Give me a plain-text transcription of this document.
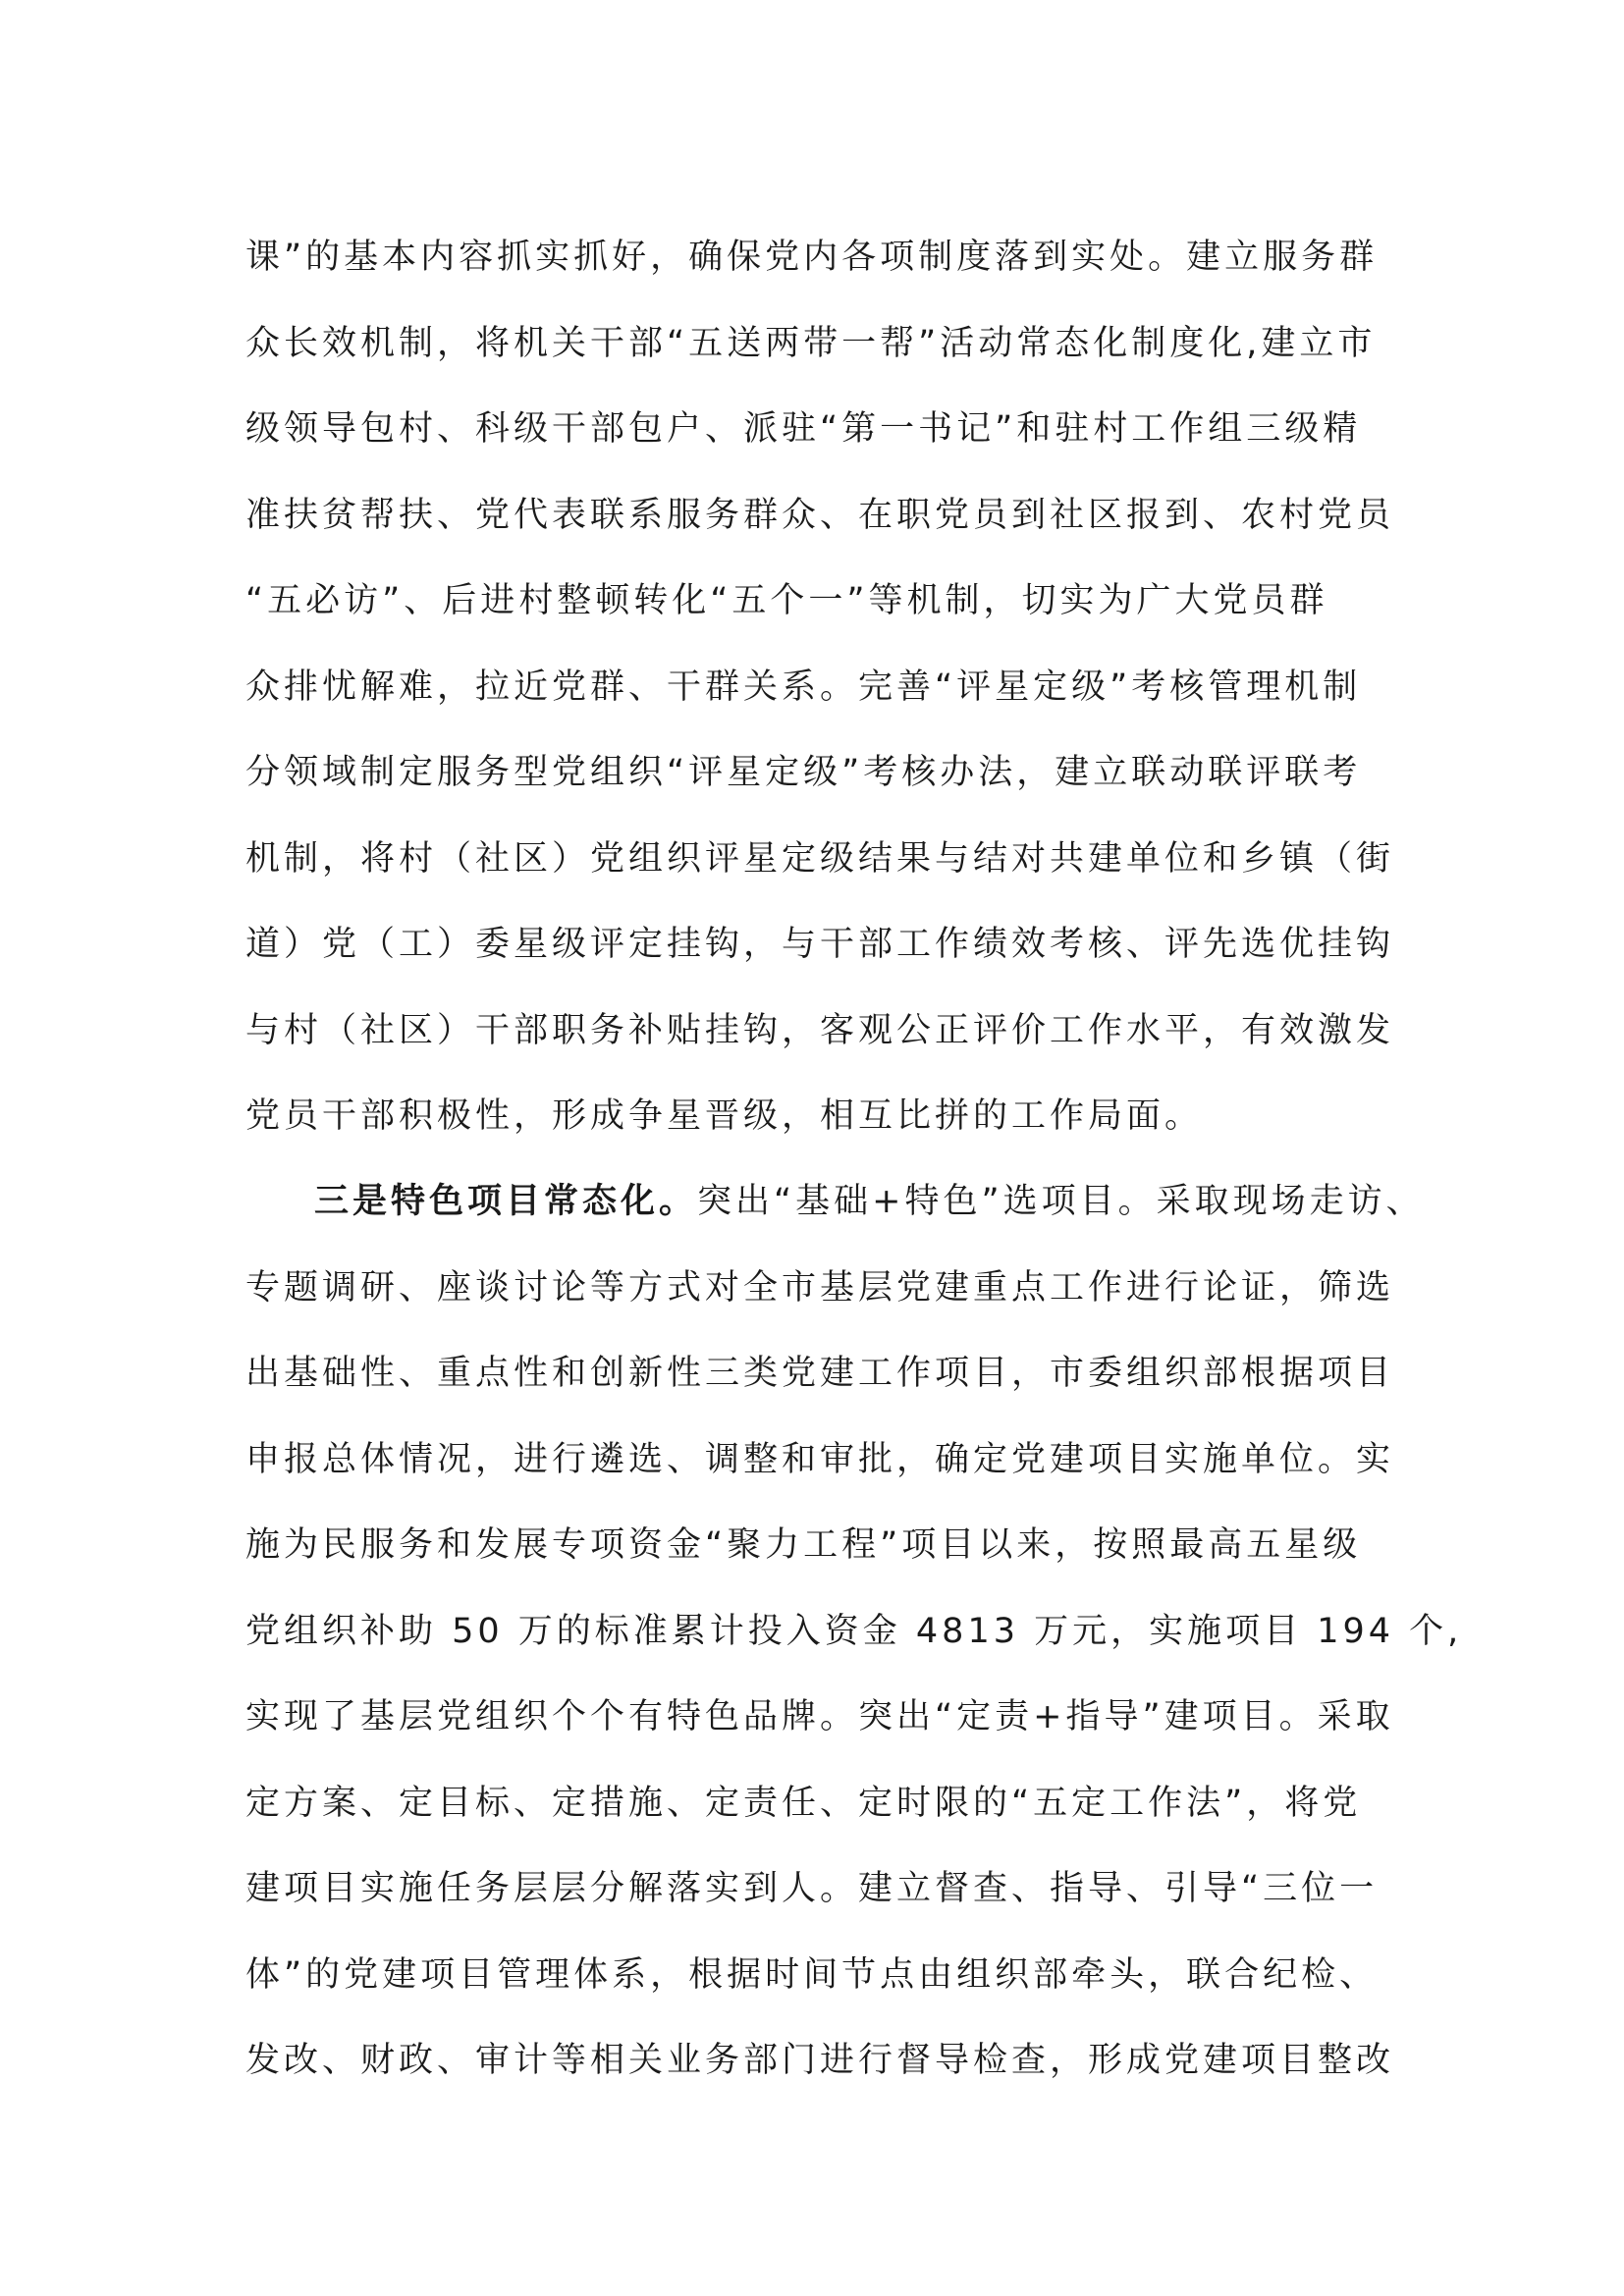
课”的基本内容抓实抓好，确保党内各项制度落到实处。建立服务群
众长效机制，将机关干部“五送两带一帮”活动常态化制度化,建立市
级领导包村、科级干部包户、派驻“第一书记”和驻村工作组三级精
准扶贫帮扶、党代表联系服务群众、在职党员到社区报到、农村党员
“五必访”、后进村整顿转化“五个一”等机制，切实为广大党员群
众排忧解难，拉近党群、干群关系。完善“评星定级”考核管理机制
分领域制定服务型党组织“评星定级”考核办法，建立联动联评联考
机制，将村（社区）党组织评星定级结果与结对共建单位和乡镇（街
道）党（工）委星级评定挂钩，与干部工作绩效考核、评先选优挂钩
与村（社区）干部职务补贴挂钩，客观公正评价工作水平，有效激发
党员干部积极性，形成争星晋级，相互比拼的工作局面。
三是特色项目常态化。突出“基础+特色”选项目。采取现场走访、
专题调研、座谈讨论等方式对全市基层党建重点工作进行论证，筛选
出基础性、重点性和创新性三类党建工作项目，市委组织部根据项目
申报总体情况，进行遴选、调整和审批，确定党建项目实施单位。实
施为民服务和发展专项资金“聚力工程”项目以来，按照最高五星级
党组织补助 50 万的标准累计投入资金 4813 万元，实施项目 194 个,
实现了基层党组织个个有特色品牌。突出“定责+指导”建项目。采取
定方案、定目标、定措施、定责任、定时限的“五定工作法”，将党
建项目实施任务层层分解落实到人。建立督查、指导、引导“三位一
体”的党建项目管理体系，根据时间节点由组织部牵头，联合纪检、
发改、财政、审计等相关业务部门进行督导检查，形成党建项目整改
